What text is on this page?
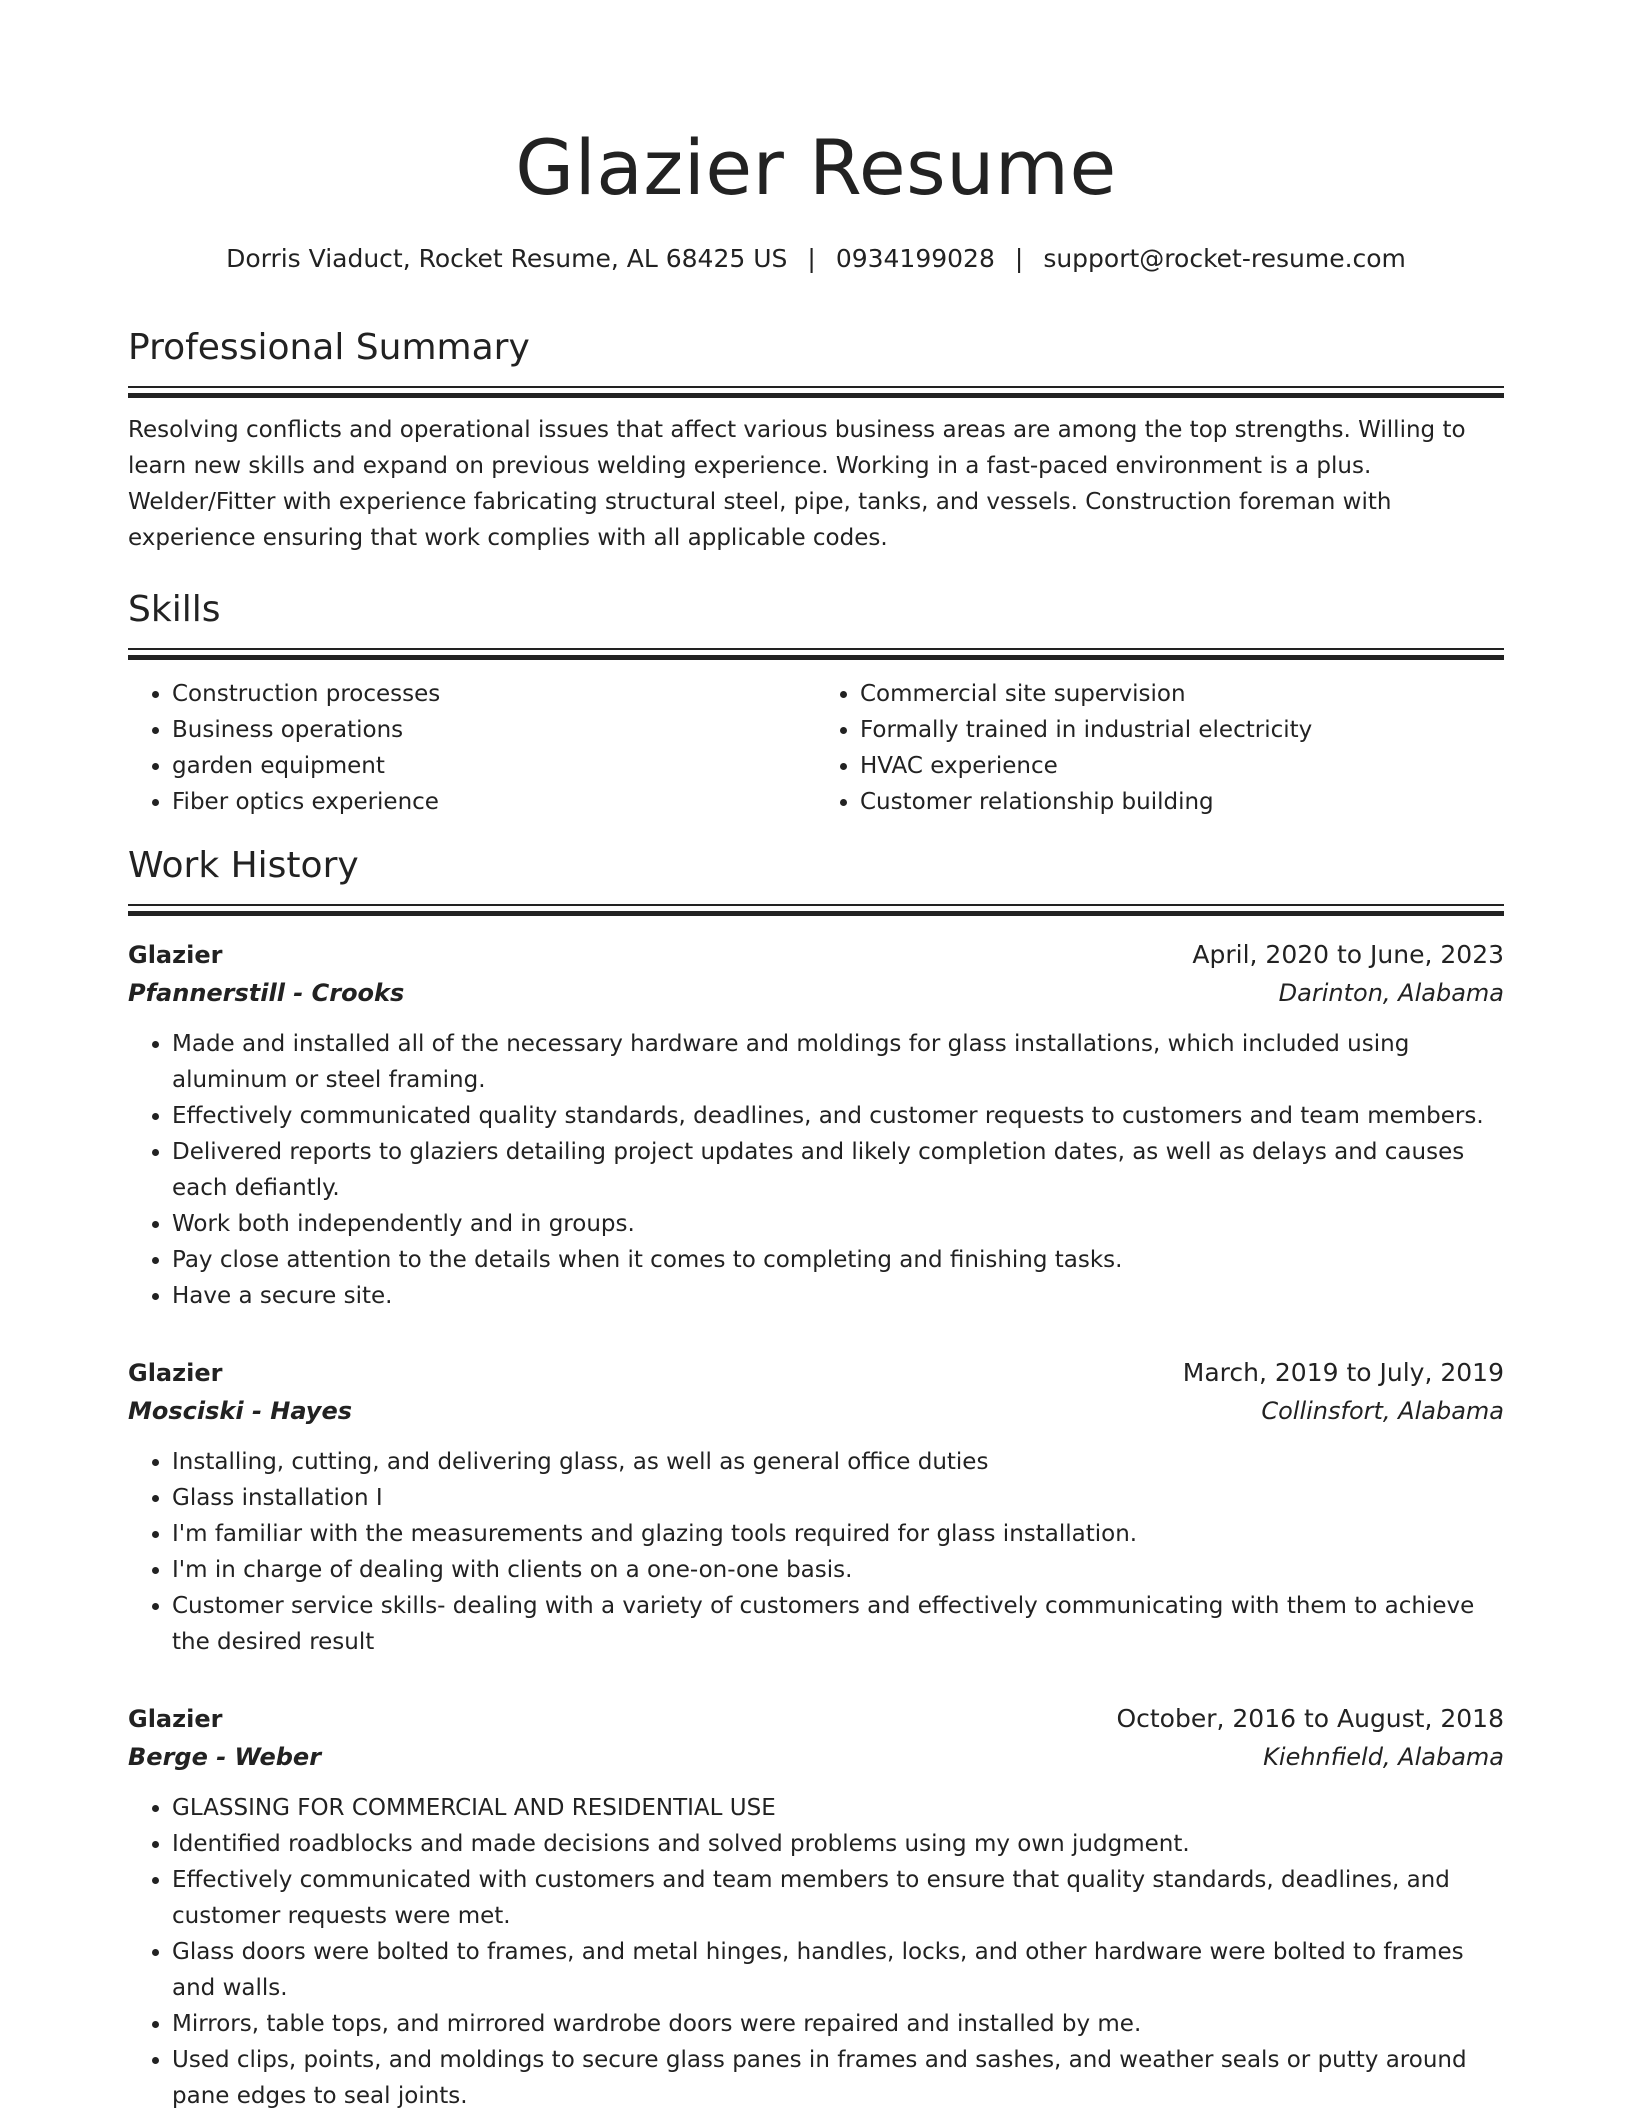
Glazier Resume
Dorris Viaduct, Rocket Resume, AL 68425 US | 0934199028 | support@rocket-resume.com
Professional Summary
Resolving conflicts and operational issues that affect various business areas are among the top strengths. Willing to learn new skills and expand on previous welding experience. Working in a fast-paced environment is a plus. Welder/Fitter with experience fabricating structural steel, pipe, tanks, and vessels. Construction foreman with experience ensuring that work complies with all applicable codes.
Skills
• Construction processes
• Business operations
• garden equipment
• Fiber optics experience
• Commercial site supervision
• Formally trained in industrial electricity
• HVAC experience
• Customer relationship building
Work History
Glazier	April, 2020 to June, 2023
Pfannerstill - Crooks	Darinton, Alabama
• Made and installed all of the necessary hardware and moldings for glass installations, which included using aluminum or steel framing.
• Effectively communicated quality standards, deadlines, and customer requests to customers and team members.
• Delivered reports to glaziers detailing project updates and likely completion dates, as well as delays and causes each defiantly.
• Work both independently and in groups.
• Pay close attention to the details when it comes to completing and finishing tasks.
• Have a secure site.
Glazier	March, 2019 to July, 2019
Mosciski - Hayes	Collinsfort, Alabama
• Installing, cutting, and delivering glass, as well as general office duties
• Glass installation I
• I'm familiar with the measurements and glazing tools required for glass installation.
• I'm in charge of dealing with clients on a one-on-one basis.
• Customer service skills- dealing with a variety of customers and effectively communicating with them to achieve the desired result
Glazier	October, 2016 to August, 2018
Berge - Weber	Kiehnfield, Alabama
• GLASSING FOR COMMERCIAL AND RESIDENTIAL USE
• Identified roadblocks and made decisions and solved problems using my own judgment.
• Effectively communicated with customers and team members to ensure that quality standards, deadlines, and customer requests were met.
• Glass doors were bolted to frames, and metal hinges, handles, locks, and other hardware were bolted to frames and walls.
• Mirrors, table tops, and mirrored wardrobe doors were repaired and installed by me.
• Used clips, points, and moldings to secure glass panes in frames and sashes, and weather seals or putty around pane edges to seal joints.
